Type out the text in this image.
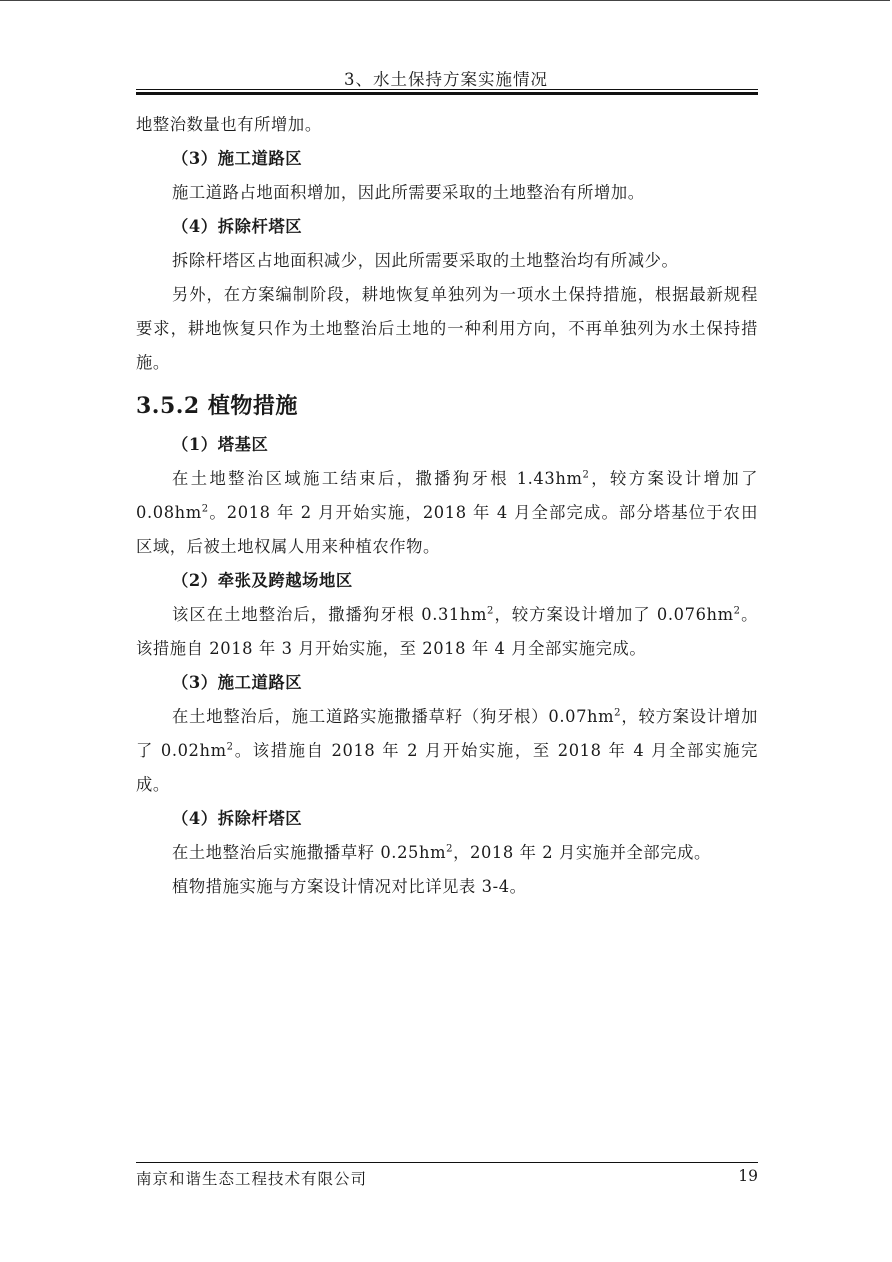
3、水土保持方案实施情况

地整治数量也有所增加。

（3）施工道路区

施工道路占地面积增加，因此所需要采取的土地整治有所增加。

（4）拆除杆塔区

拆除杆塔区占地面积减少，因此所需要采取的土地整治均有所减少。

另外，在方案编制阶段，耕地恢复单独列为一项水土保持措施，根据最新规程要求，耕地恢复只作为土地整治后土地的一种利用方向，不再单独列为水土保持措施。

3.5.2 植物措施

（1）塔基区

在土地整治区域施工结束后，撒播狗牙根 $1.43hm^2$，较方案设计增加了 $0.08hm^2$。2018 年 2 月开始实施，2018 年 4 月全部完成。部分塔基位于农田区域，后被土地权属人用来种植农作物。

（2）牵张及跨越场地区

该区在土地整治后，撒播狗牙根 $0.31hm^2$，较方案设计增加了 $0.076hm^2$。该措施自 2018 年 3 月开始实施，至 2018 年 4 月全部实施完成。

（3）施工道路区

在土地整治后，施工道路实施撒播草籽（狗牙根）$0.07hm^2$，较方案设计增加了 $0.02hm^2$。该措施自 2018 年 2 月开始实施，至 2018 年 4 月全部实施完成。

（4）拆除杆塔区

在土地整治后实施撒播草籽 $0.25hm^2$，2018 年 2 月实施并全部完成。

植物措施实施与方案设计情况对比详见表 3-4。

南京和谐生态工程技术有限公司	19
